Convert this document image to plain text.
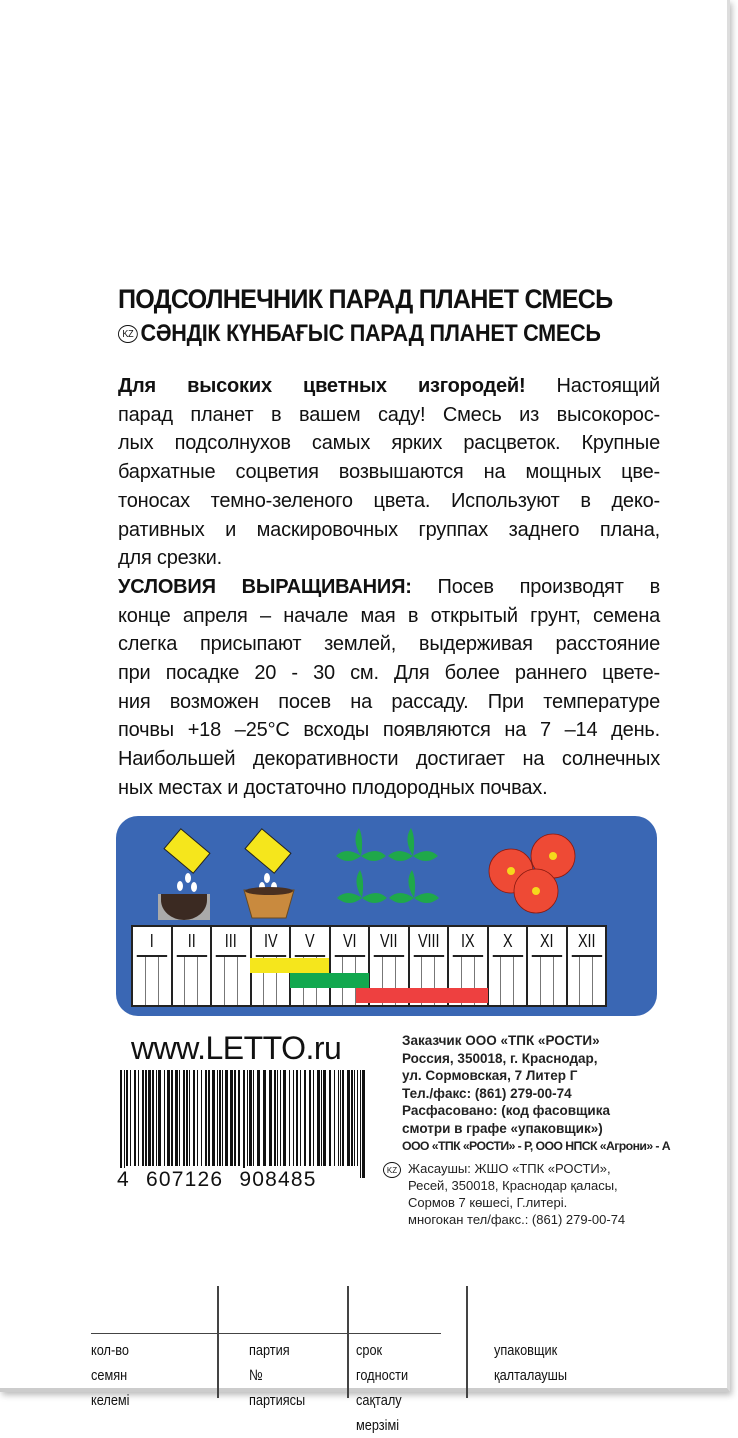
ПОДСОЛНЕЧНИК ПАРАД ПЛАНЕТ СМЕСЬ
KZ СӘНДІК КҮНБАҒЫС ПАРАД ПЛАНЕТ СМЕСЬ
Для высоких цветных изгородей! Настоящий
парад планет в вашем саду! Смесь из высокорос-
лых подсолнухов самых ярких расцветок. Крупные
бархатные соцветия возвышаются на мощных цве-
тоносах темно-зеленого цвета. Используют в деко-
ративных и маскировочных группах заднего плана,
для срезки.
УСЛОВИЯ ВЫРАЩИВАНИЯ: Посев производят в
конце апреля – начале мая в открытый грунт, семена
слегка присыпают землей, выдерживая расстояние
при посадке 20 - 30 см. Для более раннего цвете-
ния возможен посев на рассаду. При температуре
почвы +18 –25°С всходы появляются на 7 –14 день.
Наибольшей декоративности достигает на солнечных
ных местах и достаточно плодородных почвах.
I	II	III	IV	V	VI	VII	VIII	IX	X	XI	XII
www.LETTO.ru
4 607126 908485
Заказчик ООО «ТПК «РОСТИ»
Россия, 350018, г. Краснодар,
ул. Сормовская, 7 Литер Г
Тел./факс: (861) 279-00-74
Расфасовано: (код фасовщика
смотри в графе «упаковщик»)
ООО «ТПК «РОСТИ» - Р, ООО НПСК «Агрони» - А
KZ Жасаушы: ЖШО «ТПК «РОСТИ»,
Ресей, 350018, Краснодар қаласы,
Сормов 7 көшесі, Г.литері.
многокан тел/факс.: (861) 279-00-74
кол-во семян
келемі
партия №
партиясы
срок годности
сақталу мерзімі
упаковщик
қалталаушы
